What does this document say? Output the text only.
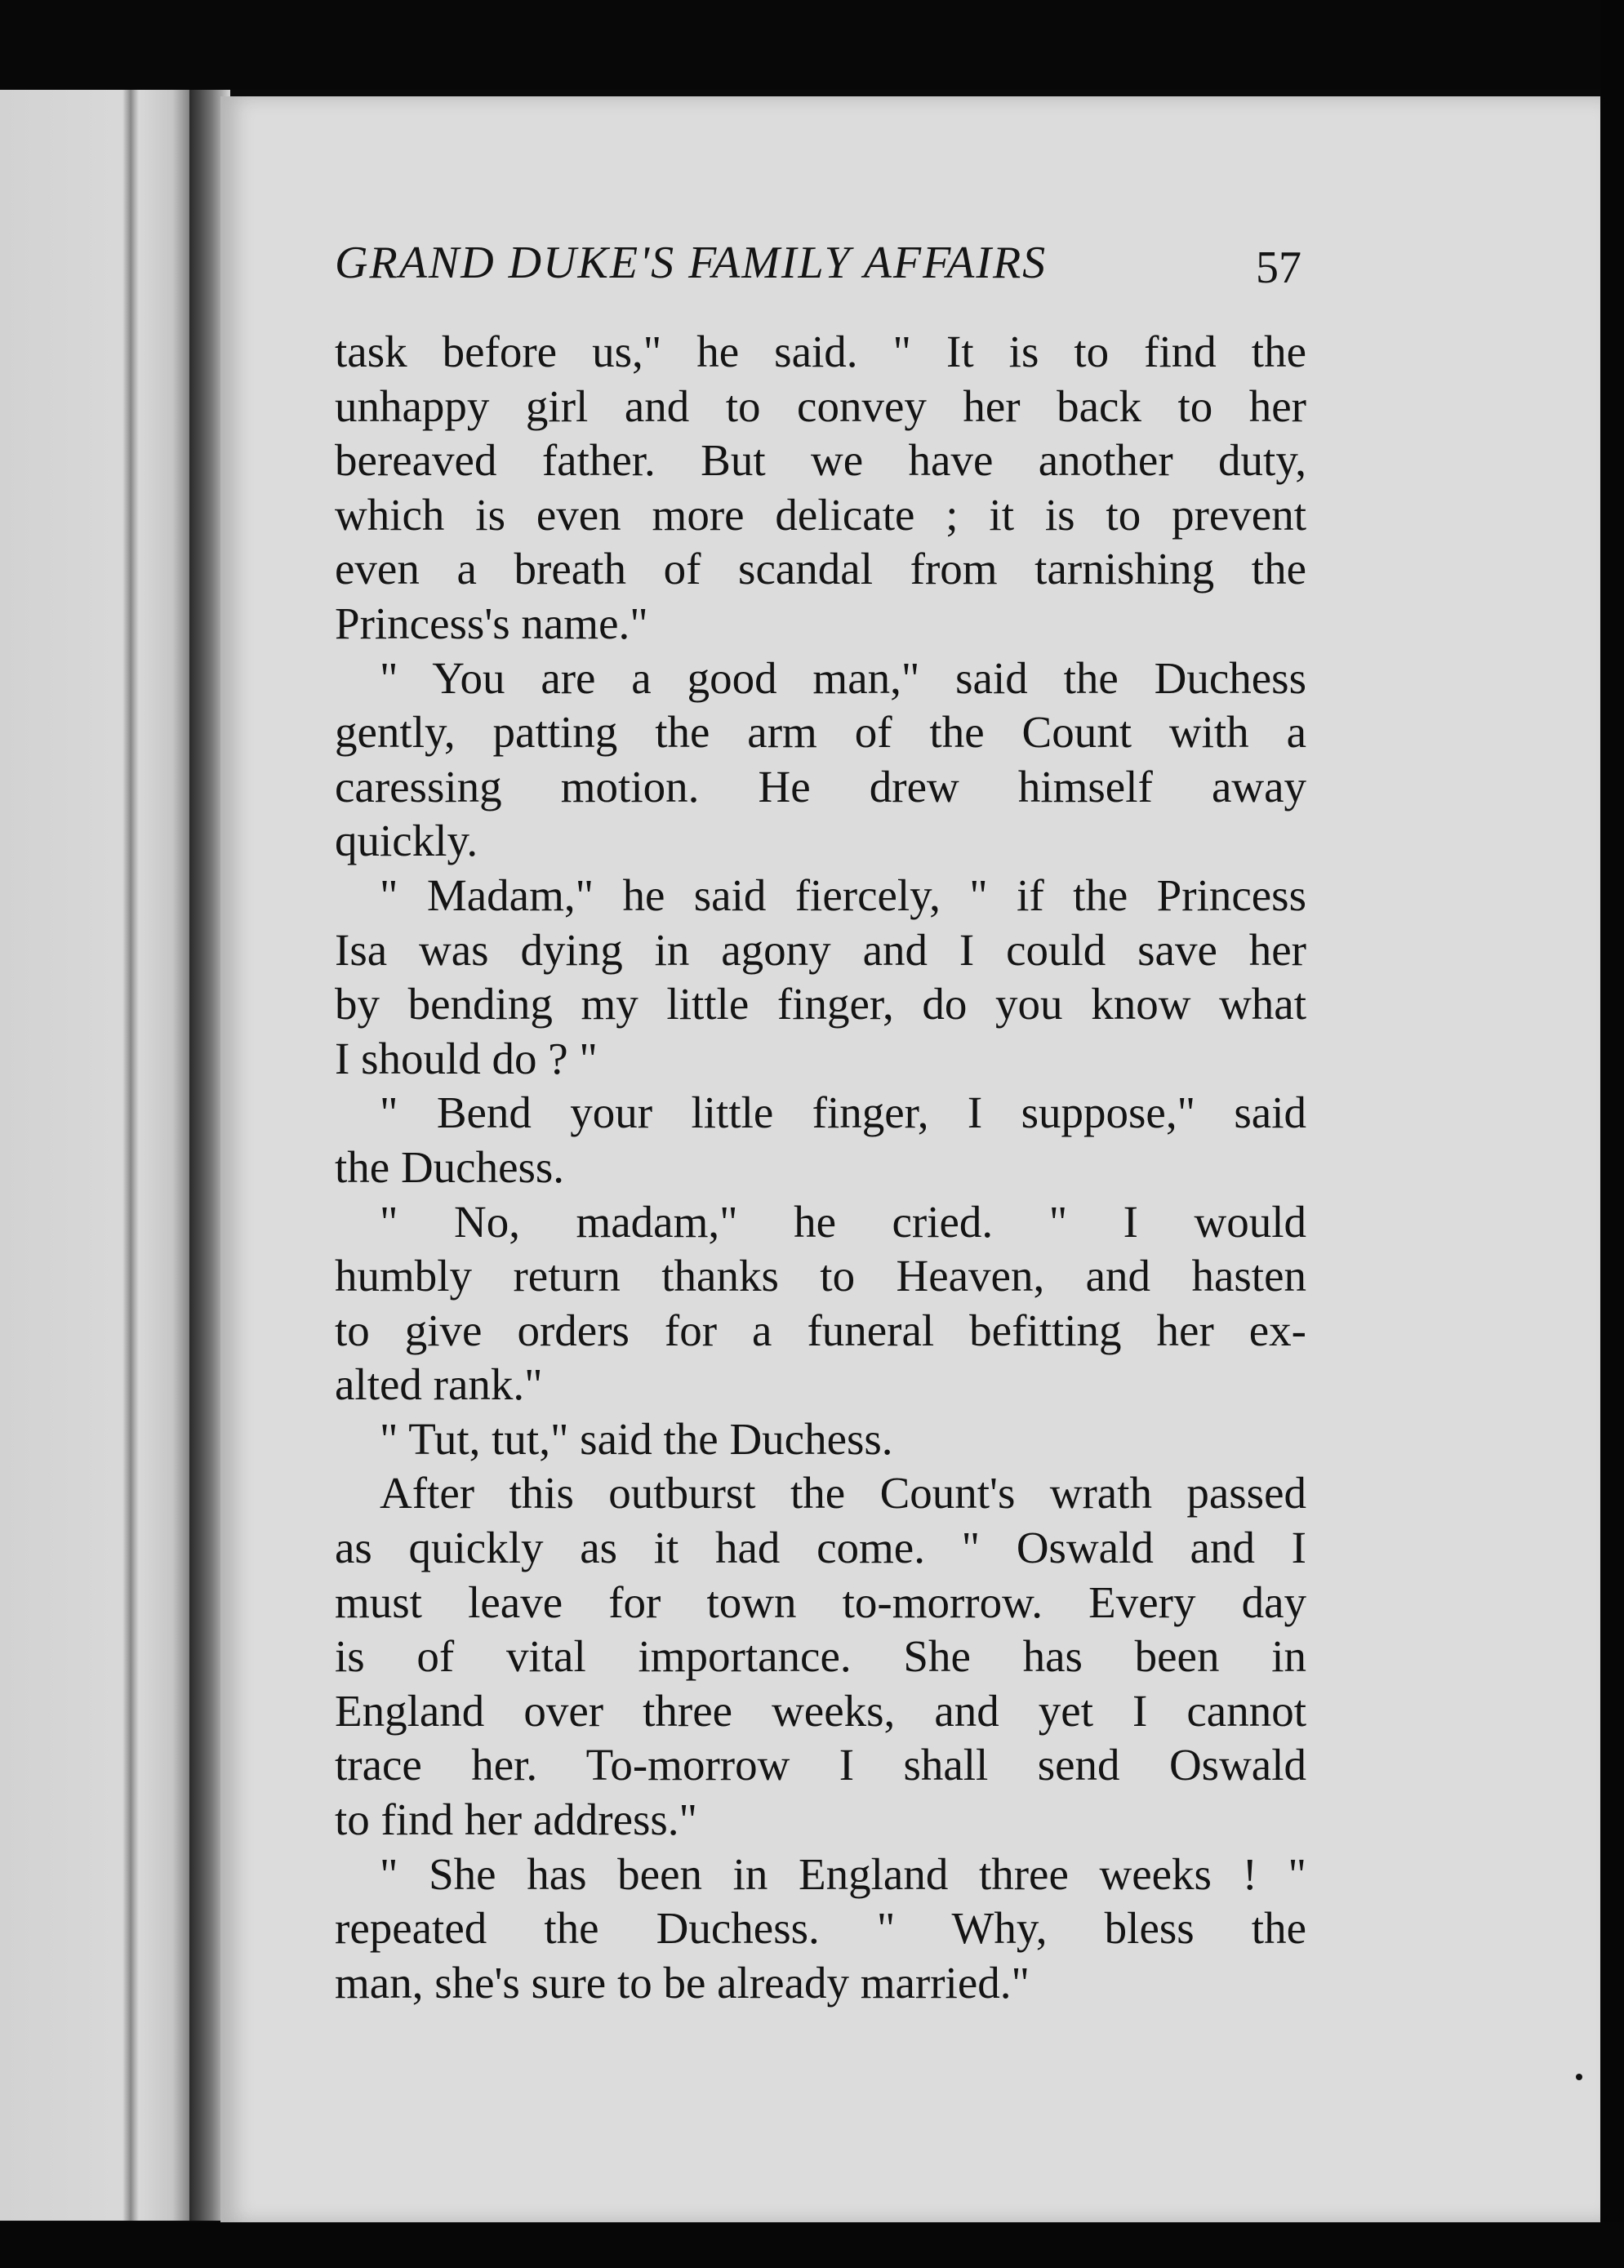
GRAND DUKE'S FAMILY AFFAIRS	57
task before us," he said. " It is to find the
unhappy girl and to convey her back to her
bereaved father. But we have another duty,
which is even more delicate ; it is to prevent
even a breath of scandal from tarnishing the
Princess's name."
" You are a good man," said the Duchess
gently, patting the arm of the Count with a
caressing motion. He drew himself away
quickly.
" Madam," he said fiercely, " if the Princess
Isa was dying in agony and I could save her
by bending my little finger, do you know what
I should do ? "
" Bend your little finger, I suppose," said
the Duchess.
" No, madam," he cried. " I would
humbly return thanks to Heaven, and hasten
to give orders for a funeral befitting her ex-
alted rank."
" Tut, tut," said the Duchess.
After this outburst the Count's wrath passed
as quickly as it had come. " Oswald and I
must leave for town to-morrow. Every day
is of vital importance. She has been in
England over three weeks, and yet I cannot
trace her. To-morrow I shall send Oswald
to find her address."
" She has been in England three weeks ! "
repeated the Duchess. " Why, bless the
man, she's sure to be already married."
